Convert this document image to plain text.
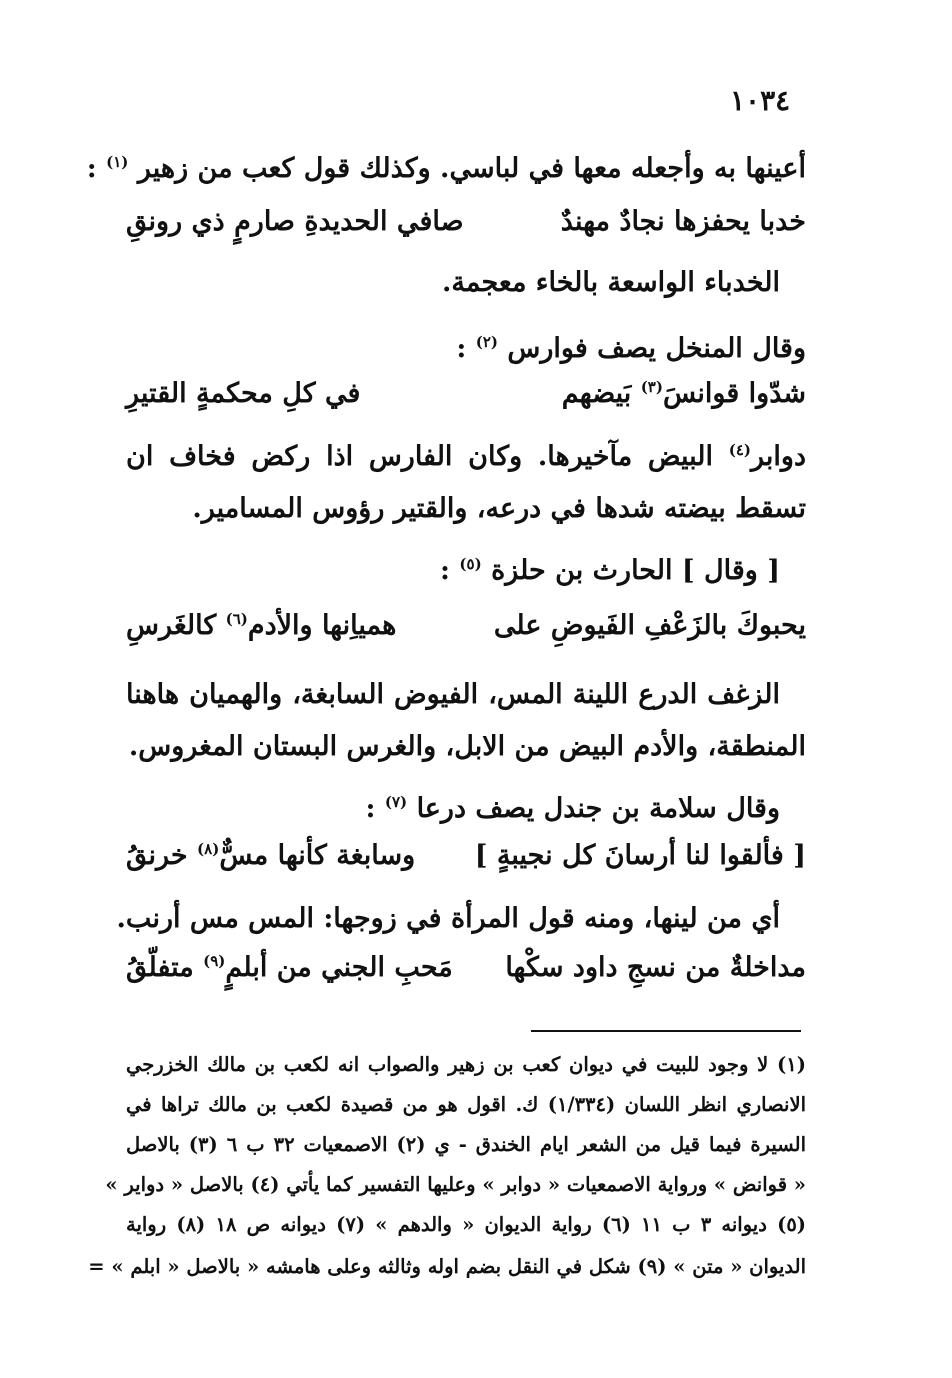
١٠٣٤
أعينها به وأجعله معها في لباسي. وكذلك قول كعب من زهير $^{(١)}$ :
خدبا يحفزها نجادٌ مهندٌ
صافي الحديدةِ صارمٍ ذي رونقِ
الخدباء الواسعة بالخاء معجمة.
وقال المنخل يصف فوارس $^{(٢)}$ :
شدّوا قوانسَ$^{(٣)}$ بَيضهم
في كلِ محكمةٍ القتيرِ
دوابر$^{(٤)}$ البيض مآخيرها. وكان الفارس اذا ركض فخاف ان
تسقط بيضته شدها في درعه، والقتير رؤوس المسامير.
[ وقال ] الحارث بن حلزة $^{(٥)}$ :
يحبوكَ بالزَعْفِ الفَيوضِ على
همياِنها والأدم$^{(٦)}$ كالغَرسِ
الزغف الدرع اللينة المس، الفيوض السابغة، والهميان هاهنا
المنطقة، والأدم البيض من الابل، والغرس البستان المغروس.
وقال سلامة بن جندل يصف درعا $^{(٧)}$ :
[ فألقوا لنا أرسانَ كل نجيبةٍ ]
وسابغة كأنها مسٌّ$^{(٨)}$ خرنقُ
أي من لينها، ومنه قول المرأة في زوجها: المس مس أرنب.
مداخلةٌ من نسجِ داود سكْها
مَحبِ الجني من أبلمٍ$^{(٩)}$ متفلّقُ
(١) لا وجود للبيت في ديوان كعب بن زهير والصواب انه لكعب بن مالك الخزرجي
الانصاري انظر اللسان (١/٣٣٤) ك. اقول هو من قصيدة لكعب بن مالك تراها في
السيرة فيما قيل من الشعر ايام الخندق - ي (٢) الاصمعيات ٣٢ ب ٦ (٣) بالاصل
« قوانض » ورواية الاصمعيات « دوابر » وعليها التفسير كما يأتي (٤) بالاصل « دواير »
(٥) ديوانه ٣ ب ١١ (٦) رواية الديوان « والدهم » (٧) ديوانه ص ١٨ (٨) رواية
الديوان « متن » (٩) شكل في النقل بضم اوله وثالثه وعلى هامشه « بالاصل « ابلم » =
